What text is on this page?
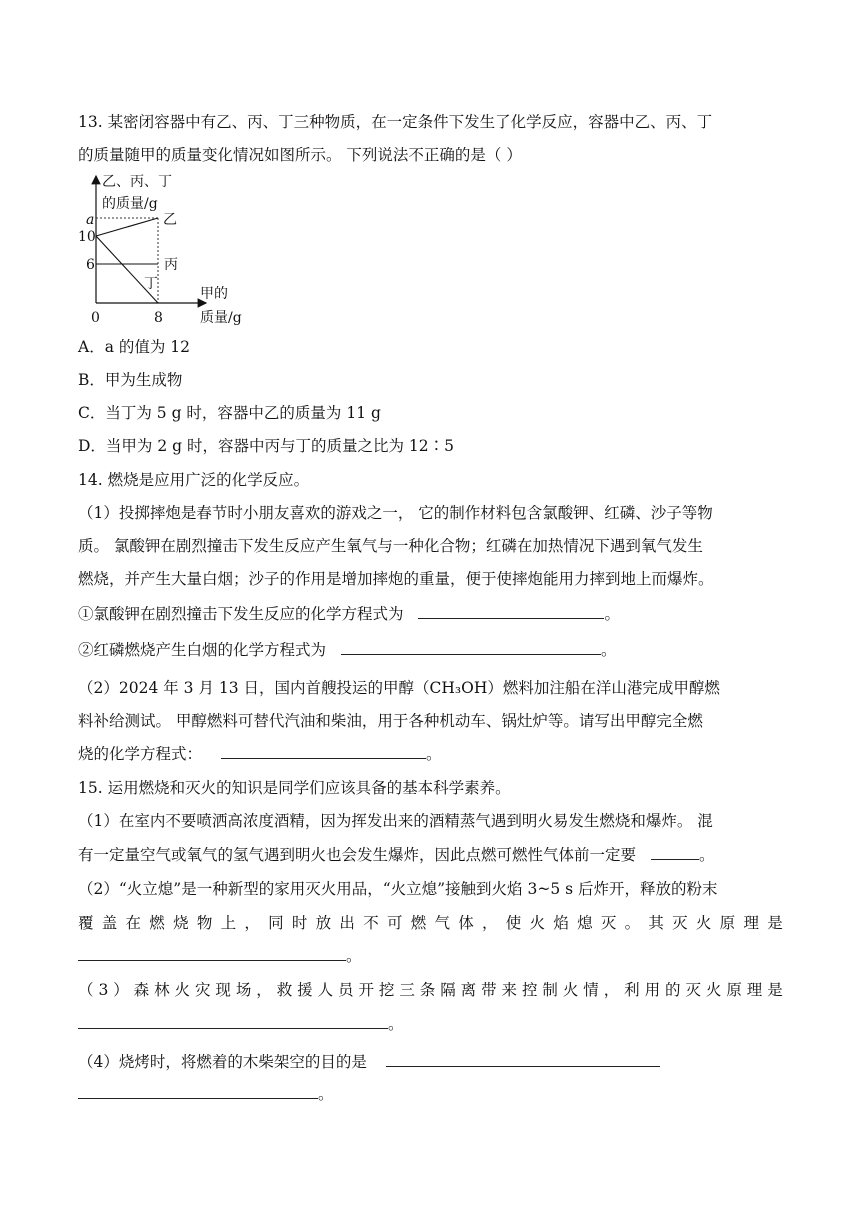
13. 某密闭容器中有乙、丙、丁三种物质，在一定条件下发生了化学反应，容器中乙、丙、丁
的质量随甲的质量变化情况如图所示。 下列说法不正确的是（ ）
乙、丙、丁
的质量/g
a
10
6
0	8
乙
丙
丁
甲的
质量/g
A．a 的值为 12
B．甲为生成物
C．当丁为 5 g 时，容器中乙的质量为 11 g
D．当甲为 2 g 时，容器中丙与丁的质量之比为 12∶5
14. 燃烧是应用广泛的化学反应。
（1）投掷摔炮是春节时小朋友喜欢的游戏之一， 它的制作材料包含氯酸钾、红磷、沙子等物
质。 氯酸钾在剧烈撞击下发生反应产生氧气与一种化合物；红磷在加热情况下遇到氧气发生
燃烧，并产生大量白烟；沙子的作用是增加摔炮的重量，便于使摔炮能用力摔到地上而爆炸。
①氯酸钾在剧烈撞击下发生反应的化学方程式为	。
②红磷燃烧产生白烟的化学方程式为	。
（2）2024 年 3 月 13 日，国内首艘投运的甲醇（CH₃OH）燃料加注船在洋山港完成甲醇燃
料补给测试。 甲醇燃料可替代汽油和柴油，用于各种机动车、锅灶炉等。请写出甲醇完全燃
烧的化学方程式：	。
15. 运用燃烧和灭火的知识是同学们应该具备的基本科学素养。
（1）在室内不要喷洒高浓度酒精，因为挥发出来的酒精蒸气遇到明火易发生燃烧和爆炸。 混
有一定量空气或氧气的氢气遇到明火也会发生爆炸，因此点燃可燃性气体前一定要	。
（2）“火立熄”是一种新型的家用灭火用品，“火立熄”接触到火焰 3~5 s 后炸开，释放的粉末
覆 盖 在 燃 烧 物 上 ， 同 时 放 出 不 可 燃 气 体 ， 使 火 焰 熄 灭 。 其 灭 火 原 理 是
。
（ 3 ） 森 林 火 灾 现 场 ， 救 援 人 员 开 挖 三 条 隔 离 带 来 控 制 火 情 ， 利 用 的 灭 火 原 理 是
。
（4）烧烤时，将燃着的木柴架空的目的是
。
